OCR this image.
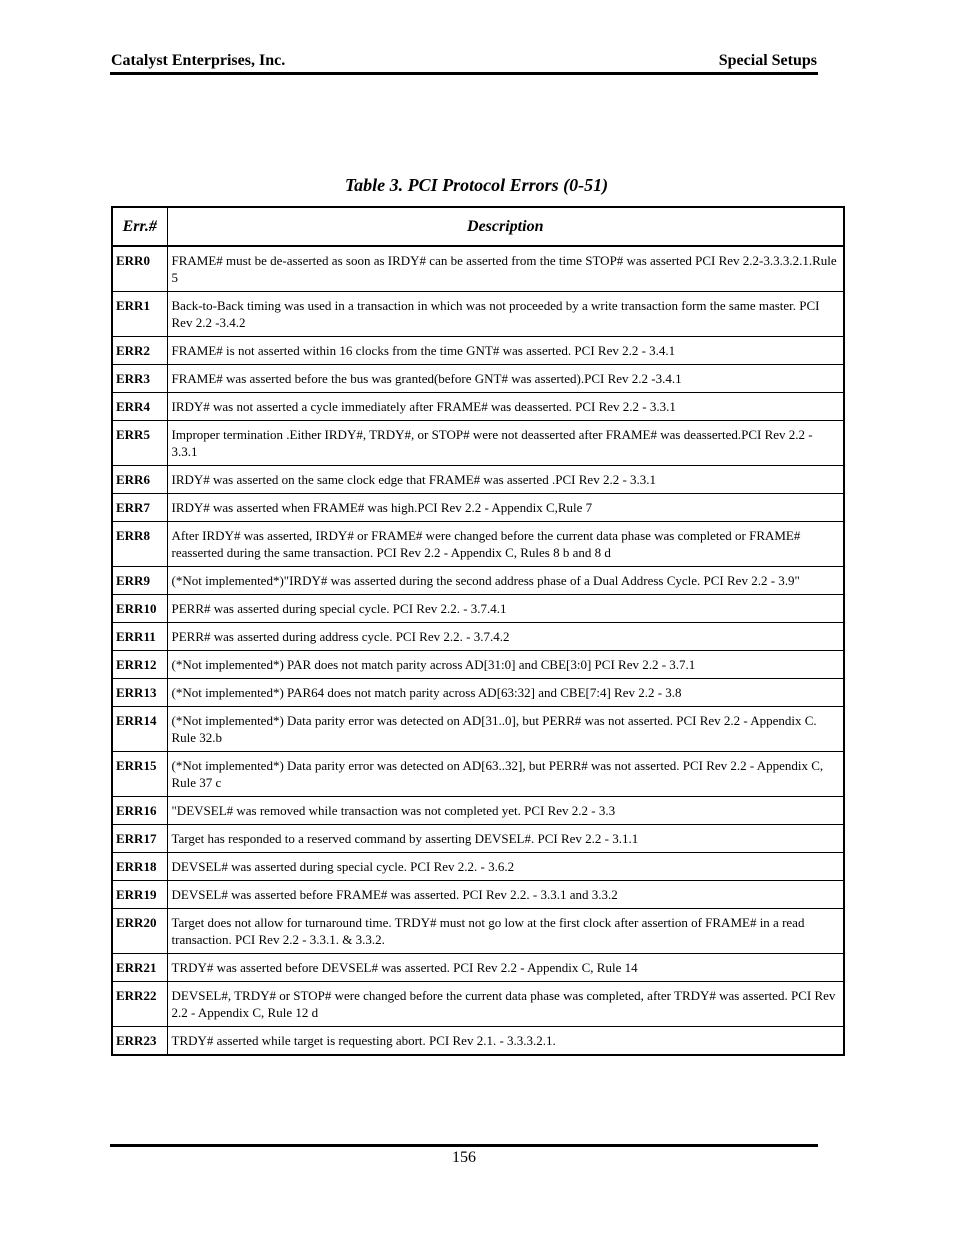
Catalyst Enterprises, Inc.	Special Setups
Table 3. PCI Protocol Errors (0-51)
Err.#	Description
ERR0	FRAME# must be de-asserted as soon as IRDY# can be asserted from the time STOP# was asserted PCI Rev 2.2-3.3.3.2.1.Rule 5
ERR1	Back-to-Back timing was used in a transaction in which was not proceeded by a write transaction form the same master. PCI Rev 2.2 -3.4.2
ERR2	FRAME# is not asserted within 16 clocks from the time GNT# was asserted. PCI Rev 2.2 - 3.4.1
ERR3	FRAME# was asserted before the bus was granted(before GNT# was asserted).PCI Rev 2.2 -3.4.1
ERR4	IRDY# was not asserted a cycle immediately after FRAME# was deasserted. PCI Rev 2.2 - 3.3.1
ERR5	Improper termination .Either IRDY#, TRDY#, or STOP# were not deasserted after FRAME# was deasserted.PCI Rev 2.2 - 3.3.1
ERR6	IRDY# was asserted on the same clock edge that FRAME# was asserted .PCI Rev 2.2 - 3.3.1
ERR7	IRDY# was asserted when FRAME# was high.PCI Rev 2.2 - Appendix C,Rule 7
ERR8	After IRDY# was asserted, IRDY# or FRAME# were changed before the current data phase was completed or FRAME# reasserted during the same transaction. PCI Rev 2.2 - Appendix C, Rules 8 b and 8 d
ERR9	(*Not implemented*)"IRDY# was asserted during the second address phase of a Dual Address Cycle. PCI Rev 2.2 - 3.9"
ERR10	PERR# was asserted during special cycle. PCI Rev 2.2. - 3.7.4.1
ERR11	PERR# was asserted during address cycle. PCI Rev 2.2. - 3.7.4.2
ERR12	(*Not implemented*) PAR does not match parity across AD[31:0] and CBE[3:0] PCI Rev 2.2 - 3.7.1
ERR13	(*Not implemented*) PAR64 does not match parity across AD[63:32] and CBE[7:4] Rev 2.2 - 3.8
ERR14	(*Not implemented*) Data parity error was detected on AD[31..0], but PERR# was not asserted. PCI Rev 2.2 - Appendix C. Rule 32.b
ERR15	(*Not implemented*) Data parity error was detected on AD[63..32], but PERR# was not asserted. PCI Rev 2.2 - Appendix C, Rule 37 c
ERR16	"DEVSEL# was removed while transaction was not completed yet. PCI Rev 2.2 - 3.3
ERR17	Target has responded to a reserved command by asserting DEVSEL#. PCI Rev 2.2 - 3.1.1
ERR18	DEVSEL# was asserted during special cycle. PCI Rev 2.2. - 3.6.2
ERR19	DEVSEL# was asserted before FRAME# was asserted. PCI Rev 2.2. - 3.3.1 and 3.3.2
ERR20	Target does not allow for turnaround time. TRDY# must not go low at the first clock after assertion of FRAME# in a read transaction. PCI Rev 2.2 - 3.3.1. & 3.3.2.
ERR21	TRDY# was asserted before DEVSEL# was asserted. PCI Rev 2.2 - Appendix C, Rule 14
ERR22	DEVSEL#, TRDY# or STOP# were changed before the current data phase was completed, after TRDY# was asserted. PCI Rev 2.2 - Appendix C, Rule 12 d
ERR23	TRDY# asserted while target is requesting abort. PCI Rev 2.1. - 3.3.3.2.1.
156
